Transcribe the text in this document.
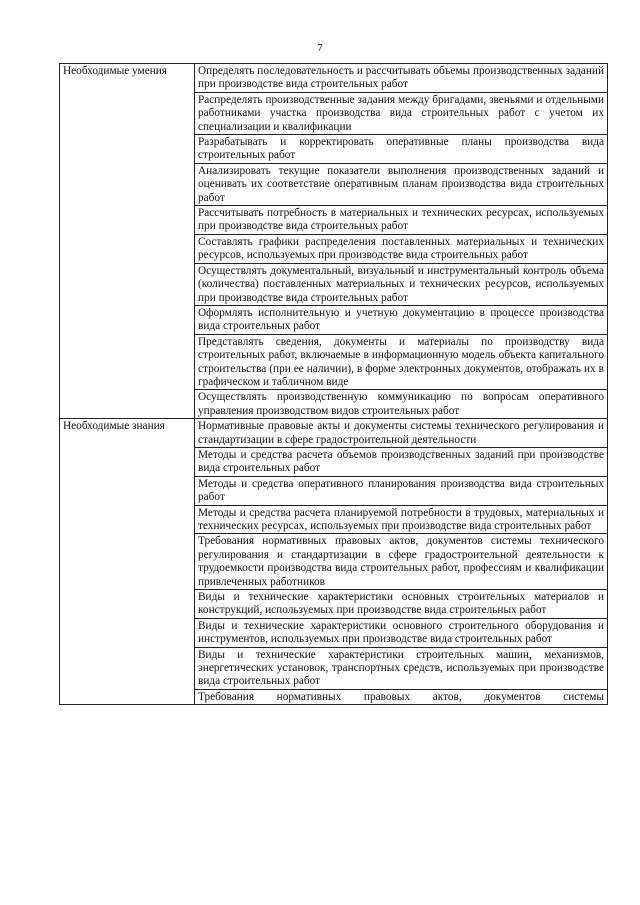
7
Необходимые умения	Определять последовательность и рассчитывать объемы производственных заданий при производстве вида строительных работ
	Распределять производственные задания между бригадами, звеньями и отдельными работниками участка производства вида строительных работ с учетом их специализации и квалификации
	Разрабатывать и корректировать оперативные планы производства вида строительных работ
	Анализировать текущие показатели выполнения производственных заданий и оценивать их соответствие оперативным планам производства вида строительных работ
	Рассчитывать потребность в материальных и технических ресурсах, используемых при производстве вида строительных работ
	Составлять графики распределения поставленных материальных и технических ресурсов, используемых при производстве вида строительных работ
	Осуществлять документальный, визуальный и инструментальный контроль объема (количества) поставленных материальных и технических ресурсов, используемых при производстве вида строительных работ
	Оформлять исполнительную и учетную документацию в процессе производства вида строительных работ
	Представлять сведения, документы и материалы по производству вида строительных работ, включаемые в информационную модель объекта капитального строительства (при ее наличии), в форме электронных документов, отображать их в графическом и табличном виде
	Осуществлять производственную коммуникацию по вопросам оперативного управления производством видов строительных работ
Необходимые знания	Нормативные правовые акты и документы системы технического регулирования и стандартизации в сфере градостроительной деятельности
	Методы и средства расчета объемов производственных заданий при производстве вида строительных работ
	Методы и средства оперативного планирования производства вида строительных работ
	Методы и средства расчета планируемой потребности в трудовых, материальных и технических ресурсах, используемых при производстве вида строительных работ
	Требования нормативных правовых актов, документов системы технического регулирования и стандартизации в сфере градостроительной деятельности к трудоемкости производства вида строительных работ, профессиям и квалификации привлеченных работников
	Виды и технические характеристики основных строительных материалов и конструкций, используемых при производстве вида строительных работ
	Виды и технические характеристики основного строительного оборудования и инструментов, используемых при производстве вида строительных работ
	Виды и технические характеристики строительных машин, механизмов, энергетических установок, транспортных средств, используемых при производстве вида строительных работ
	Требования нормативных правовых актов, документов системы
